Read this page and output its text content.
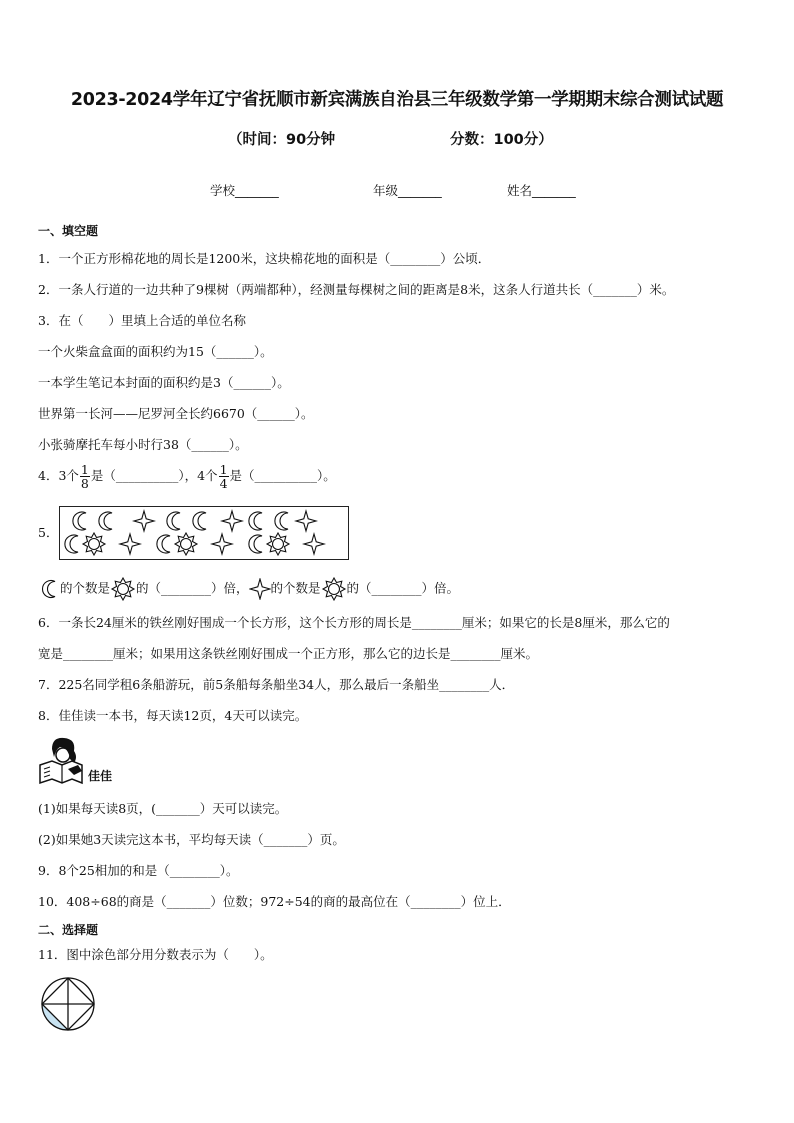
2023-2024学年辽宁省抚顺市新宾满族自治县三年级数学第一学期期末综合测试试题
（时间：90分钟	分数：100分）
学校_______	年级_______	姓名_______
一、填空题
1．一个正方形棉花地的周长是1200米，这块棉花地的面积是（________）公顷．
2．一条人行道的一边共种了9棵树（两端都种），经测量每棵树之间的距离是8米，这条人行道共长（_______）米。
3．在（　　）里填上合适的单位名称
一个火柴盒盒面的面积约为15（______）。
一本学生笔记本封面的面积约是3（______）。
世界第一长河——尼罗河全长约6670（______）。
小张骑摩托车每小时行38（______）。
4．3个 $\frac{1}{8}$ 是（__________），4个 $\frac{1}{4}$ 是（__________）。
5．
的个数是 的（________）倍， 的个数是 的（________）倍。
6．一条长24厘米的铁丝刚好围成一个长方形，这个长方形的周长是________厘米；如果它的长是8厘米，那么它的
宽是________厘米；如果用这条铁丝刚好围成一个正方形，那么它的边长是________厘米。
7．225名同学租6条船游玩，前5条船每条船坐34人，那么最后一条船坐________人．
8．佳佳读一本书，每天读12页，4天可以读完。
佳佳
(1)如果每天读8页，(_______）天可以读完。
(2)如果她3天读完这本书，平均每天读（_______）页。
9．8个25相加的和是（________）。
10．408÷68的商是（_______）位数；972÷54的商的最高位在（________）位上．
二、选择题
11．图中涂色部分用分数表示为（　　）。
